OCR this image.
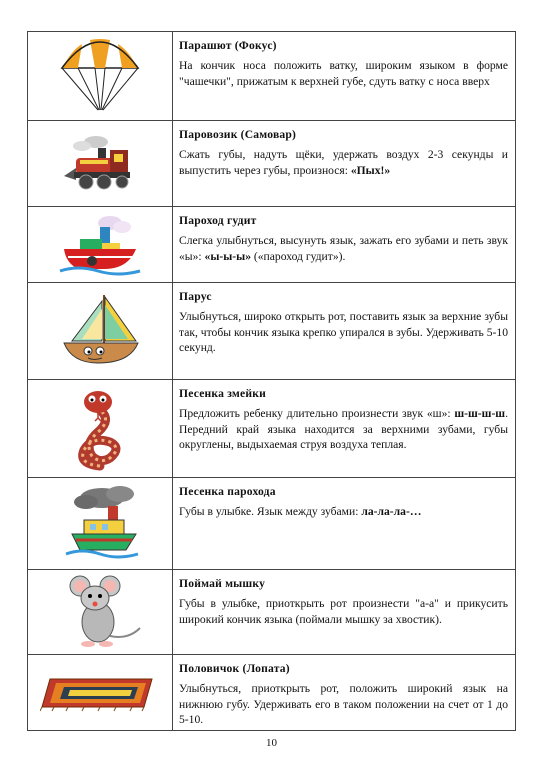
Парашют (Фокус)
На кончик носа положить ватку, широким языком в форме "чашечки", прижатым к верхней губе, сдуть ватку с носа вверх
Паровозик (Самовар)
Сжать губы, надуть щёки, удержать воздух 2-3 секунды и выпустить через губы, произнося: «Пых!»
Пароход гудит
Слегка улыбнуться, высунуть язык, зажать его зубами и петь звук «ы»: «ы-ы-ы» («пароход гудит»).
Парус
Улыбнуться, широко открыть рот, поставить язык за верхние зубы так, чтобы кончик языка крепко упирался в зубы. Удерживать 5-10 секунд.
Песенка змейки
Предложить ребенку длительно произнести звук «ш»: ш-ш-ш-ш. Передний край языка находится за верхними зубами, губы округлены, выдыхаемая струя воздуха теплая.
Песенка парохода
Губы в улыбке. Язык между зубами: ла-ла-ла-…
Поймай мышку
Губы в улыбке, приоткрыть рот произнести "а-а" и прикусить широкий кончик языка (поймали мышку за хвостик).
Половичок (Лопата)
Улыбнуться, приоткрыть рот, положить широкий язык на нижнюю губу. Удерживать его в таком положении на счет от 1 до 5-10.
10
